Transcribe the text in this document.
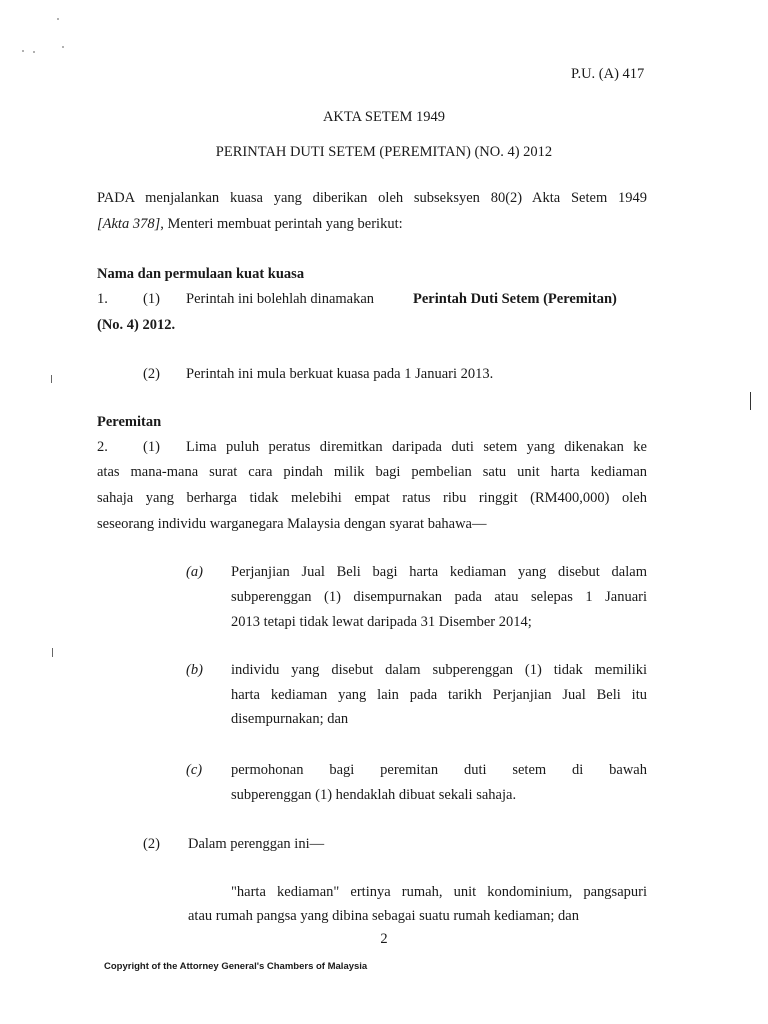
P.U. (A) 417
AKTA SETEM 1949
PERINTAH DUTI SETEM (PEREMITAN) (NO. 4) 2012
PADA menjalankan kuasa yang diberikan oleh subseksyen 80(2) Akta Setem 1949
[Akta 378], Menteri membuat perintah yang berikut:
Nama dan permulaan kuat kuasa
1. (1) Perintah ini bolehlah dinamakan	Perintah Duti Setem (Peremitan)
(No. 4) 2012.
(2) Perintah ini mula berkuat kuasa pada 1 Januari 2013.
Peremitan
2. (1) Lima puluh peratus diremitkan daripada duti setem yang dikenakan ke
atas mana-mana surat cara pindah milik bagi pembelian satu unit harta kediaman
sahaja yang berharga tidak melebihi empat ratus ribu ringgit (RM400,000) oleh
seseorang individu warganegara Malaysia dengan syarat bahawa—
(a) Perjanjian Jual Beli bagi harta kediaman yang disebut dalam
subperenggan (1) disempurnakan pada atau selepas 1 Januari
2013 tetapi tidak lewat daripada 31 Disember 2014;
(b) individu yang disebut dalam subperenggan (1) tidak memiliki
harta kediaman yang lain pada tarikh Perjanjian Jual Beli itu
disempurnakan; dan
(c) permohonan bagi peremitan duti setem di bawah
subperenggan (1) hendaklah dibuat sekali sahaja.
(2) Dalam perenggan ini—
"harta kediaman" ertinya rumah, unit kondominium, pangsapuri
atau rumah pangsa yang dibina sebagai suatu rumah kediaman; dan
2
Copyright of the Attorney General's Chambers of Malaysia
